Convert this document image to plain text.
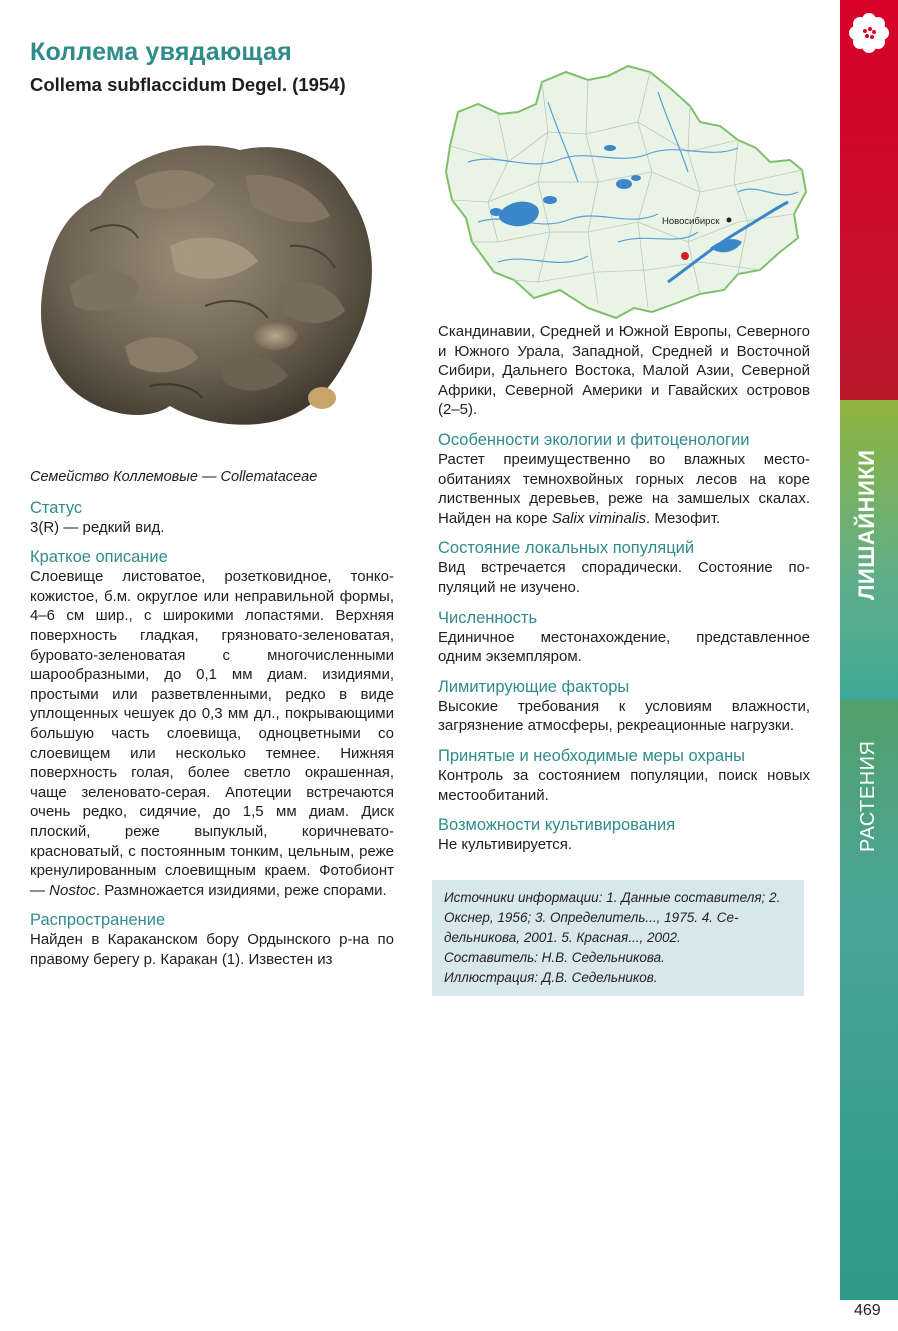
Коллема увядающая
Collema subflaccidum Degel. (1954)
Новосибирск
Семейство Коллемовые — Collemataceae
Статус
3(R) — редкий вид.
Краткое описание
Слоевище листоватое, розетковидное, тонкокожистое, б.м. округлое или неправильной формы, 4–6 см шир., с широкими лопастями. Верхняя поверхность гладкая, грязновато-зеленоватая, буровато-зеленоватая с многочисленными шарообразными, до 0,1 мм диам. изидиями, простыми или разветвленными, редко в виде уплощенных чешуек до 0,3 мм дл., покрывающими большую часть слоевища, одноцветными со слоевищем или несколько темнее. Нижняя поверхность голая, более светло окрашенная, чаще зеленовато-серая. Апотеции встречаются очень редко, сидячие, до 1,5 мм диам. Диск плоский, реже выпуклый, коричневато-красноватый, с постоянным тонким, цельным, реже кренулированным слоевищным краем. Фотобионт — Nostoc. Размножается изидиями, реже спорами.
Распространение
Найден в Караканском бору Ордынского р-на по правому берегу р. Каракан (1). Известен из
Скандинавии, Средней и Южной Европы, Северного и Южного Урала, Западной, Средней и Восточной Сибири, Дальнего Востока, Малой Азии, Северной Африки, Северной Америки и Гавайских островов (2–5).
Особенности экологии и фитоценологии
Растет преимущественно во влажных местообитаниях темнохвойных горных лесов на коре лиственных деревьев, реже на замшелых скалах. Найден на коре Salix viminalis. Мезофит.
Состояние локальных популяций
Вид встречается спорадически. Состояние популяций не изучено.
Численность
Единичное местонахождение, представленное одним экземпляром.
Лимитирующие факторы
Высокие требования к условиям влажности, загрязнение атмосферы, рекреационные нагрузки.
Принятые и необходимые меры охраны
Контроль за состоянием популяции, поиск новых местообитаний.
Возможности культивирования
Не культивируется.
Источники информации: 1. Данные составителя; 2. Окснер, 1956; 3. Определитель..., 1975. 4. Седельникова, 2001. 5. Красная..., 2002.
Составитель: Н.В. Седельникова.
Иллюстрация: Д.В. Седельников.
ЛИШАЙНИКИ
РАСТЕНИЯ
469
